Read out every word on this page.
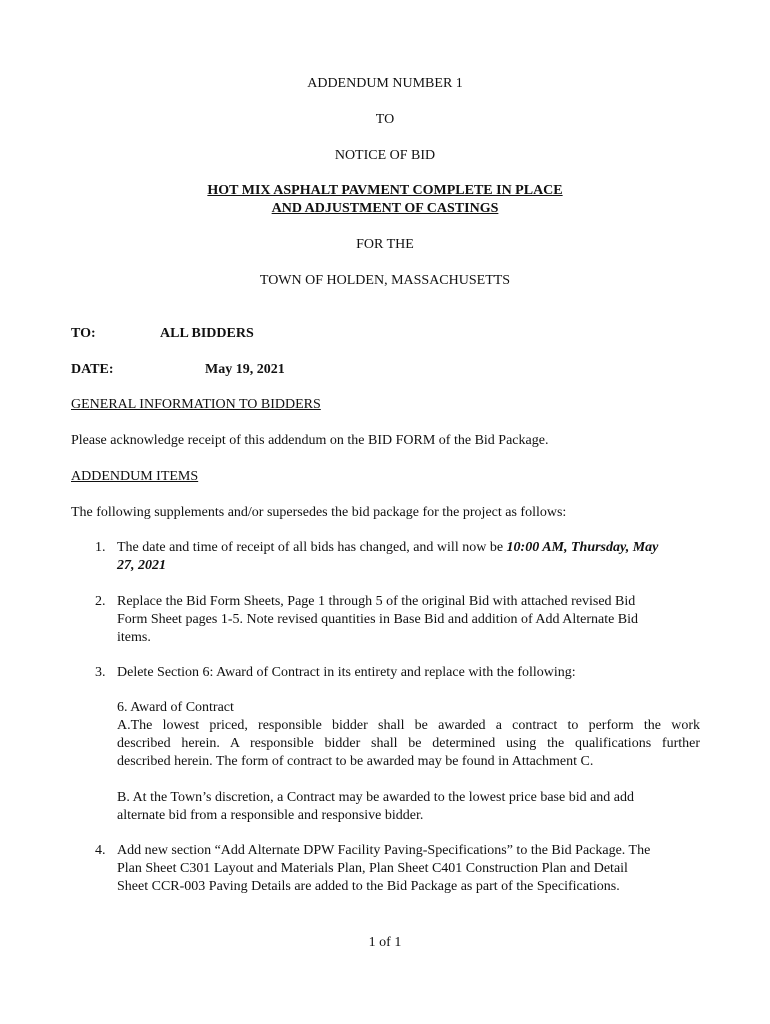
ADDENDUM NUMBER 1
TO
NOTICE OF BID
HOT MIX ASPHALT PAVMENT COMPLETE IN PLACE
AND ADJUSTMENT OF CASTINGS
FOR THE
TOWN OF HOLDEN, MASSACHUSETTS
TO:	ALL BIDDERS
DATE:	May 19, 2021
GENERAL INFORMATION TO BIDDERS
Please acknowledge receipt of this addendum on the BID FORM of the Bid Package.
ADDENDUM ITEMS
The following supplements and/or supersedes the bid package for the project as follows:
1. The date and time of receipt of all bids has changed, and will now be 10:00 AM, Thursday, May
27, 2021
2. Replace the Bid Form Sheets, Page 1 through 5 of the original Bid with attached revised Bid
Form Sheet pages 1-5. Note revised quantities in Base Bid and addition of Add Alternate Bid
items.
3. Delete Section 6: Award of Contract in its entirety and replace with the following:
6. Award of Contract
A.The lowest priced, responsible bidder shall be awarded a contract to perform the work
described herein. A responsible bidder shall be determined using the qualifications further
described herein. The form of contract to be awarded may be found in Attachment C.
B. At the Town’s discretion, a Contract may be awarded to the lowest price base bid and add
alternate bid from a responsible and responsive bidder.
4. Add new section “Add Alternate DPW Facility Paving-Specifications” to the Bid Package. The
Plan Sheet C301 Layout and Materials Plan, Plan Sheet C401 Construction Plan and Detail
Sheet CCR-003 Paving Details are added to the Bid Package as part of the Specifications.
1 of 1
